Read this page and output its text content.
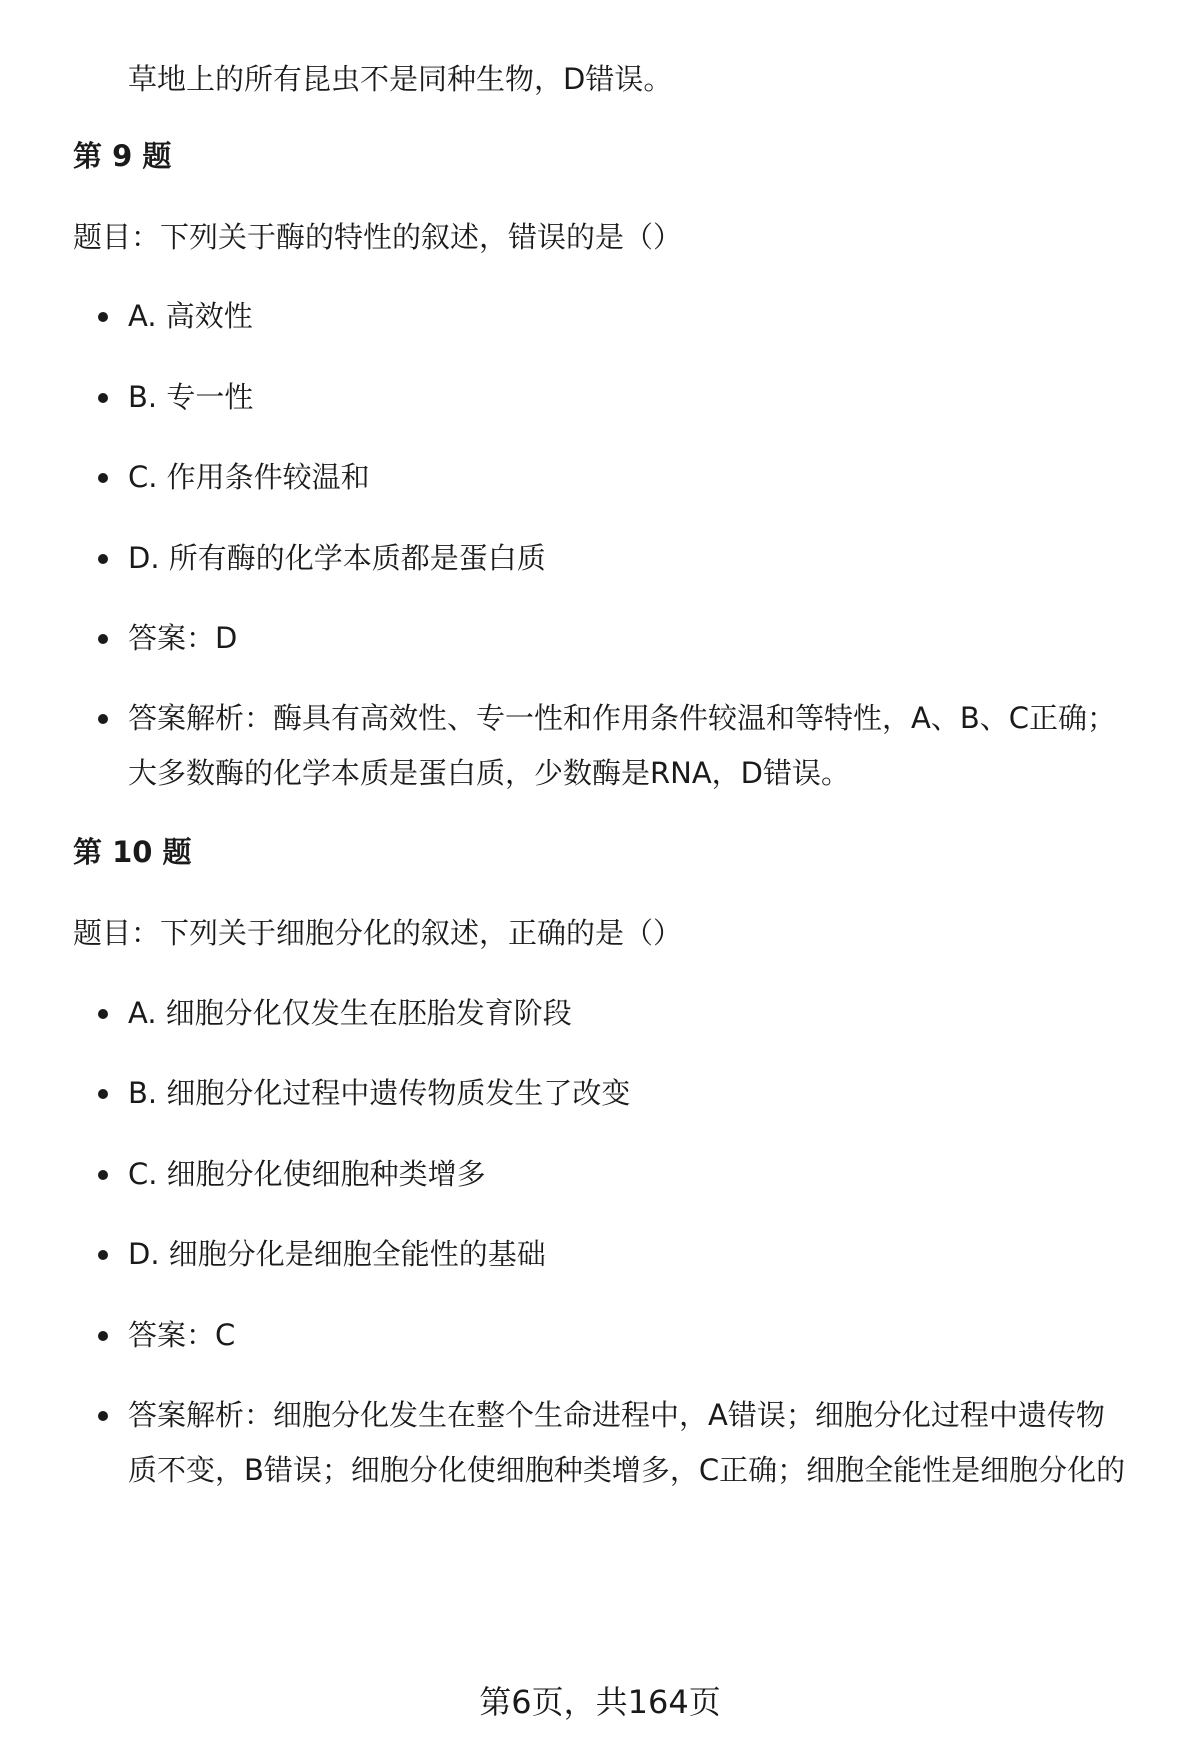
草地上的所有昆虫不是同种生物，D错误。
第 9 题
题目：下列关于酶的特性的叙述，错误的是（）
A. 高效性
B. 专一性
C. 作用条件较温和
D. 所有酶的化学本质都是蛋白质
答案：D
答案解析：酶具有高效性、专一性和作用条件较温和等特性，A、B、C正确；
大多数酶的化学本质是蛋白质，少数酶是RNA，D错误。
第 10 题
题目：下列关于细胞分化的叙述，正确的是（）
A. 细胞分化仅发生在胚胎发育阶段
B. 细胞分化过程中遗传物质发生了改变
C. 细胞分化使细胞种类增多
D. 细胞分化是细胞全能性的基础
答案：C
答案解析：细胞分化发生在整个生命进程中，A错误；细胞分化过程中遗传物
质不变，B错误；细胞分化使细胞种类增多，C正确；细胞全能性是细胞分化的
第6页，共164页
